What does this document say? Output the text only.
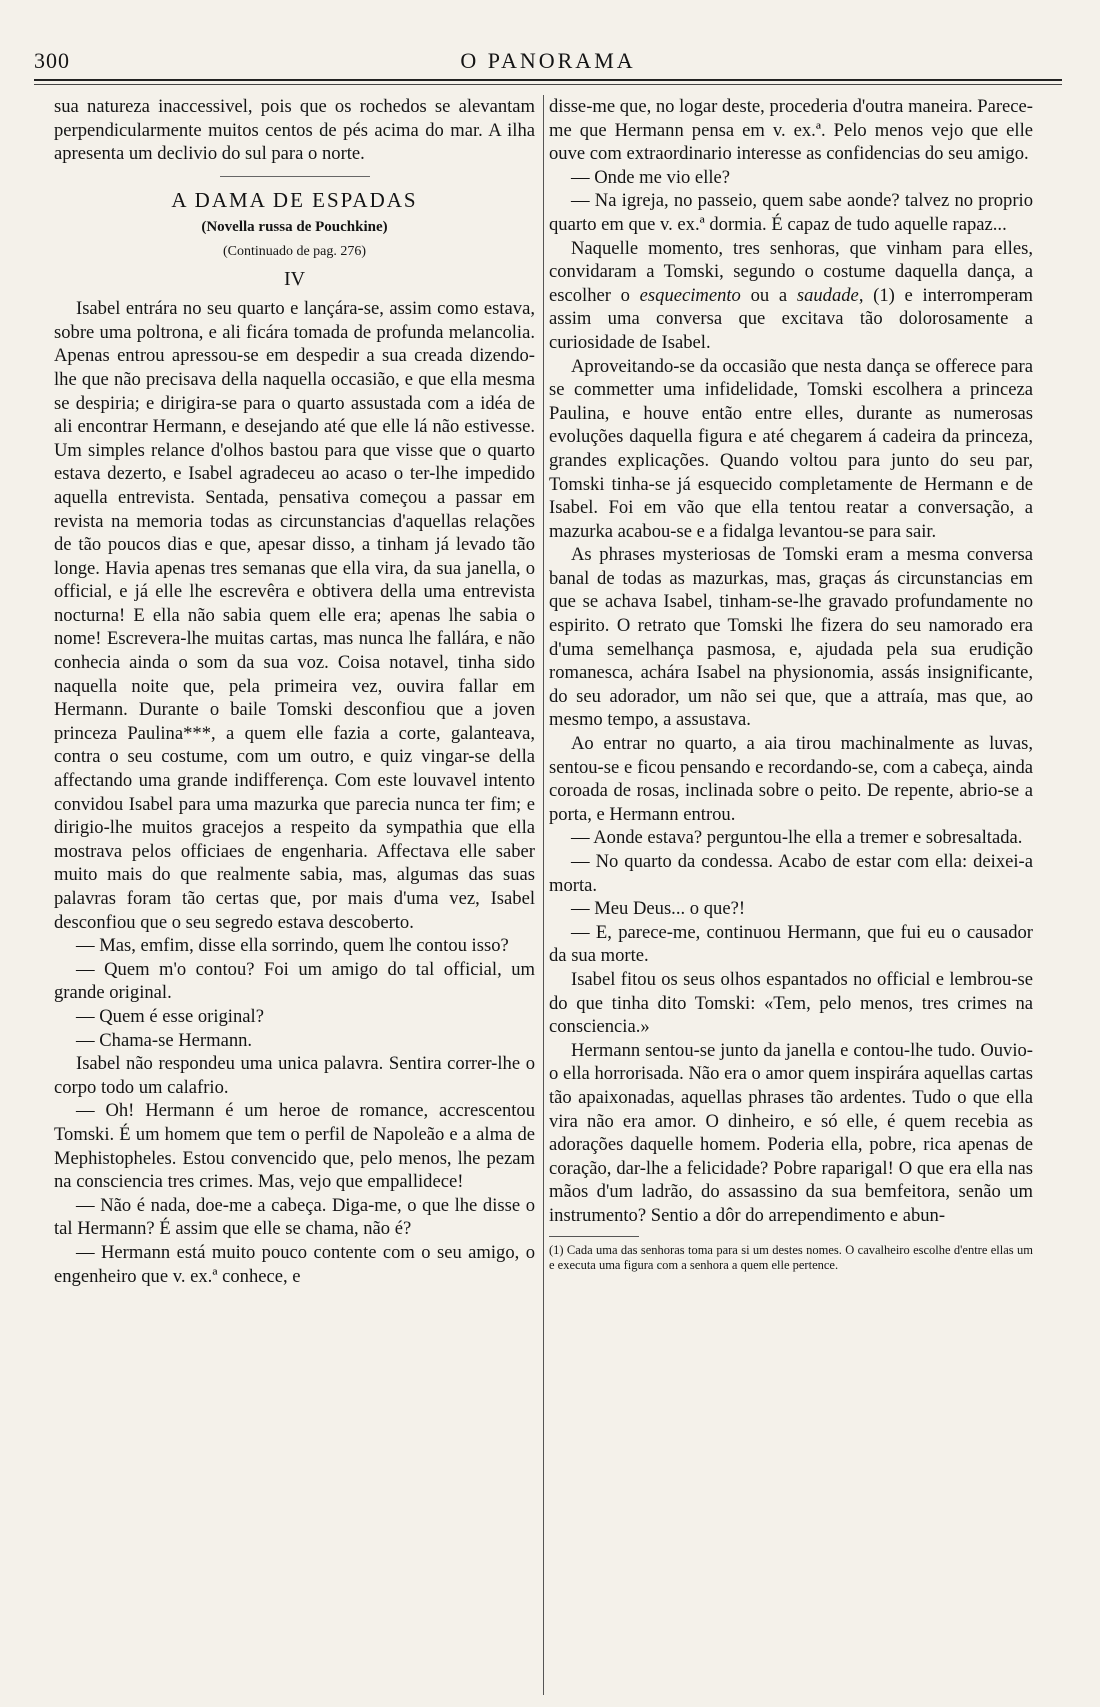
300	O PANORAMA

sua natureza inaccessivel, pois que os rochedos se alevantam perpendicularmente muitos centos de pés acima do mar. A ilha apresenta um declivio do sul para o norte.

A DAMA DE ESPADAS
(Novella russa de Pouchkine)
(Continuado de pag. 276)
IV

Isabel entrára no seu quarto e lançára-se, assim como estava, sobre uma poltrona, e ali ficára tomada de profunda melancolia. Apenas entrou apressou-se em despedir a sua creada dizendo-lhe que não precisava della naquella occasião, e que ella mesma se despiria; e dirigira-se para o quarto assustada com a idéa de ali encontrar Hermann, e desejando até que elle lá não estivesse. Um simples relance d'olhos bastou para que visse que o quarto estava dezerto, e Isabel agradeceu ao acaso o ter-lhe impedido aquella entrevista. Sentada, pensativa começou a passar em revista na memoria todas as circunstancias d'aquellas relações de tão poucos dias e que, apesar disso, a tinham já levado tão longe. Havia apenas tres semanas que ella vira, da sua janella, o official, e já elle lhe escrevêra e obtivera della uma entrevista nocturna! E ella não sabia quem elle era; apenas lhe sabia o nome! Escrevera-lhe muitas cartas, mas nunca lhe fallára, e não conhecia ainda o som da sua voz. Coisa notavel, tinha sido naquella noite que, pela primeira vez, ouvira fallar em Hermann. Durante o baile Tomski desconfiou que a joven princeza Paulina***, a quem elle fazia a corte, galanteava, contra o seu costume, com um outro, e quiz vingar-se della affectando uma grande indifferença. Com este louvavel intento convidou Isabel para uma mazurka que parecia nunca ter fim; e dirigio-lhe muitos gracejos a respeito da sympathia que ella mostrava pelos officiaes de engenharia. Affectava elle saber muito mais do que realmente sabia, mas, algumas das suas palavras foram tão certas que, por mais d'uma vez, Isabel desconfiou que o seu segredo estava descoberto.

— Mas, emfim, disse ella sorrindo, quem lhe contou isso?

— Quem m'o contou? Foi um amigo do tal official, um grande original.

— Quem é esse original?

— Chama-se Hermann.

Isabel não respondeu uma unica palavra. Sentira correr-lhe o corpo todo um calafrio.

— Oh! Hermann é um heroe de romance, accrescentou Tomski. É um homem que tem o perfil de Napoleão e a alma de Mephistopheles. Estou convencido que, pelo menos, lhe pezam na consciencia tres crimes. Mas, vejo que empallidece!

— Não é nada, doe-me a cabeça. Diga-me, o que lhe disse o tal Hermann? É assim que elle se chama, não é?

— Hermann está muito pouco contente com o seu amigo, o engenheiro que v. ex.ª conhece, e

disse-me que, no logar deste, procederia d'outra maneira. Parece-me que Hermann pensa em v. ex.ª. Pelo menos vejo que elle ouve com extraordinario interesse as confidencias do seu amigo.

— Onde me vio elle?

— Na igreja, no passeio, quem sabe aonde? talvez no proprio quarto em que v. ex.ª dormia. É capaz de tudo aquelle rapaz...

Naquelle momento, tres senhoras, que vinham para elles, convidaram a Tomski, segundo o costume daquella dança, a escolher o esquecimento ou a saudade, (1) e interromperam assim uma conversa que excitava tão dolorosamente a curiosidade de Isabel.

Aproveitando-se da occasião que nesta dança se offerece para se commetter uma infidelidade, Tomski escolhera a princeza Paulina, e houve então entre elles, durante as numerosas evoluções daquella figura e até chegarem á cadeira da princeza, grandes explicações. Quando voltou para junto do seu par, Tomski tinha-se já esquecido completamente de Hermann e de Isabel. Foi em vão que ella tentou reatar a conversação, a mazurka acabou-se e a fidalga levantou-se para sair.

As phrases mysteriosas de Tomski eram a mesma conversa banal de todas as mazurkas, mas, graças ás circunstancias em que se achava Isabel, tinham-se-lhe gravado profundamente no espirito. O retrato que Tomski lhe fizera do seu namorado era d'uma semelhança pasmosa, e, ajudada pela sua erudição romanesca, achára Isabel na physionomia, assás insignificante, do seu adorador, um não sei que, que a attraía, mas que, ao mesmo tempo, a assustava.

Ao entrar no quarto, a aia tirou machinalmente as luvas, sentou-se e ficou pensando e recordando-se, com a cabeça, ainda coroada de rosas, inclinada sobre o peito. De repente, abrio-se a porta, e Hermann entrou.

— Aonde estava? perguntou-lhe ella a tremer e sobresaltada.

— No quarto da condessa. Acabo de estar com ella: deixei-a morta.

— Meu Deus... o que?!

— E, parece-me, continuou Hermann, que fui eu o causador da sua morte.

Isabel fitou os seus olhos espantados no official e lembrou-se do que tinha dito Tomski: «Tem, pelo menos, tres crimes na consciencia.»

Hermann sentou-se junto da janella e contou-lhe tudo. Ouvio-o ella horrorisada. Não era o amor quem inspirára aquellas cartas tão apaixonadas, aquellas phrases tão ardentes. Tudo o que ella vira não era amor. O dinheiro, e só elle, é quem recebia as adorações daquelle homem. Poderia ella, pobre, rica apenas de coração, dar-lhe a felicidade? Pobre raparigal! O que era ella nas mãos d'um ladrão, do assassino da sua bemfeitora, senão um instrumento? Sentio a dôr do arrependimento e abun-

(1) Cada uma das senhoras toma para si um destes nomes. O cavalheiro escolhe d'entre ellas um e executa uma figura com a senhora a quem elle pertence.
